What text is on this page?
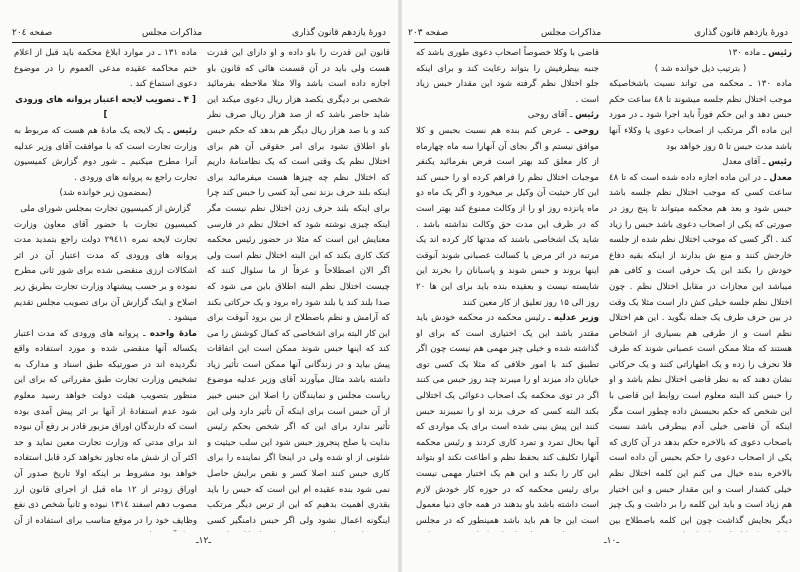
دورهٔ یازدهم قانون گذاری
مذاکرات مجلس
صفحه ۲۰٤

قانون این قدرت را باو داده و او دارای این قدرت هست ولی باید در آن قسمت هائی که قانون باو اجازه داده است باشد والا مثلا ملاحظه بفرمائید شخصی بر دیگری یکصد هزار ریال دعوی میکند این شاید حاضر باشد که از صد هزار ریال صرف نظر کند و با صد هزار ریال دیگر هم بدهد که حکم حبس باو اطلاق نشود برای امر حقوقی آن هم برای اختلال نظم یک وقتی است که یک نظامنامهٔ داریم که اختلال نظم چه چیزها هست میفرمائید برای اینکه بلند حرف بزند نمی آید کسی را حبس کند چرا برای اینکه بلند حرف زدن اختلال نظم نیست مگر اینکه چیزی نوشته شود که اختلال نظم در فارسی معنایش این است که مثلا در حضور رئیس محکمه کتک کاری بکند که این البته اختلال نظم است ولی اگر الان اصطلاحاً و عرفاً از ما سئوال کنند که چیست اختلال نظم البته اطلاق باین می شود که صدا بلند کند یا بلند شود راه برود و یک حرکاتی بکند که آرامش و نظم باصطلاح از بین برود آنوقت برای این کار البته برای اشخاصی که کمال کوشش را می کند که اینها حبس شوند ممکن است این اتفاقات پیش بیاید و در زندگانی آنها ممکن است تأثیر زیاد داشته باشد مثال میآورند آقای وزیر عدلیه موضوع ریاست مجلس و نمایندگان را اصلا این حبس خبیر از آن حبس است برای اینکه آن تأثیر دارد ولی این تأثیر ندارد برای این که اگر شخص بحکم رئیس بدایت یا صلح پنجروز حبس شود این سلب حیثیت و شئونی از او شده ولی در اینجا اگر نماینده را برای کاری حبس کنند اصلا کسر و نقص برایش حاصل نمی شود بنده عقیده ام این است که حبس را باید بقدری اهمیت بدهیم که این از ترس دیگر مرتکب اینگونه اعمال نشود ولی اگر حبس دامنگیر کسی

ماده ۱۳۱ ـ در موارد ابلاغ محکمه باید قبل از اعلام ختم محاکمه عقیده مدعی العموم را در موضوع دعوی استماع کند .

[ ۴ ـ تصویب لایحه اعتبار پروانه های ورودی ]

رئیس ـ یک لایحه یک مادهٔ هم هست که مربوط به وزارت تجارت است که با موافقت آقای وزیر عدلیه آنرا مطرح میکنیم ـ شور دوم گزارش کمیسیون تجارت راجع به پروانه های ورودی .

(بمضمون زیر خوانده شد)

گزارش از کمیسیون تجارت بمجلس شورای ملی

کمیسیون تجارت با حضور آقای معاون وزارت تجارت لایحه نمره ۲۹٤۱۱ دولت راجع بتمدید مدت پروانه های ورودی که مدت اعتبار آن در اثر اشکالات ارزی منقضی شده برای شور ثانی مطرح نموده و بر حسب پیشنهاد وزارت تجارت بطریق زیر اصلاح و اینک گزارش آن برای تصویب مجلس تقدیم میشود .

مادهٔ واحده ـ پروانه های ورودی که مدت اعتبار یکساله آنها منقضی شده و مورد استفاده واقع نگردیده اند در صورتیکه طبق اسناد و مدارک به تشخیص وزارت تجارت طبق مقرراتی که برای این منظور بتصویب هیئت دولت خواهد رسید معلوم شود عدم استفادهٔ از آنها بر اثر پیش آمدی بوده است که دارندگان اوراق مزبور قادر بر رفع آن نبوده اند برای مدتی که وزارت تجارت معین نماید و حد اکثر آن از شش ماه تجاوز نخواهد کرد قابل استفاده خواهد بود مشروط بر اینکه اولا تاریخ صدور آن اوراق زودتر از ۱۲ ماه قبل از اجرای قانون ارز مصوب دهم اسفند ۱۳۱٤ نبوده و ثانیاً شخص ذی نفع وظایف خود را در موقع مناسب برای استفاده از آن

ـ۱۲ـ
دورهٔ یازدهم قانون گذاری
مذاکرات مجلس
صفحه ۲۰۳

رئیس ـ ماده ۱۳۰

( بترتیب ذیل خوانده شد )

ماده ۱۳۰ ـ محکمه می تواند نسبت باشخاصیکه موجب اختلال نظم جلسه میشوند تا ٤۸ ساعت حکم حبس دهد و این حکم فوراً باید اجرا شود ـ در مورد این ماده اگر مرتکب از اصحاب دعوی یا وکلاء آنها باشد مدت حبس تا ۵ روز خواهد بود

رئیس ـ آقای معدل

معدل ـ در این ماده اجازه داده شده است که تا ٤۸ ساعت کسی که موجب اختلال نظم جلسه باشد حبس شود و بعد هم محکمه میتواند تا پنج روز در صورتی که یکی از اصحاب دعوی باشد حبس را زیاد کند . اگر کسی که موجب اختلال نظم شده از جلسه خارجش کنند و منع ش بدارند از اینکه بقیه دفاع خودش را بکند این یک حرفی است و کافی هم میباشد این مجازات در مقابل اختلال نظم . چون اختلال نظم جلسه خیلی کش دار است مثلا یک وقت در بین حرف طرف یک جمله بگوید . این هم اختلال نظم است و از طرفی هم بسیاری از اشخاص هستند که مثلا ممکن است عصبانی شوند که طرف فلا نحرف را زده و یک اظهاراتی کنند و یک حرکاتی نشان دهند که به نظر قاضی اختلال نظم باشد و او را حبس کند البته معلوم است روابط این قاضی با این شخص که حکم بحبسش داده چطور است مگر اینکه آن قاضی خیلی آدم بیطرفی باشد نسبت باصحاب دعوی که بالاخره حکم بدهد در آن کاری که یکی از اصحاب دعوی را حکم بحبس آن داده است بالاخره بنده خیال می کنم این کلمه اختلال نظم خیلی کشدار است و این مقدار حبس و این اختیار هم زیاد است و باید این کلمه را بر داشت و یک چیز دیگر بجایش گذاشت چون این کلمه باصطلاح بین

قاضی با وکلا خصوصاً اصحاب دعوی طوری باشد که جنبه بیطرفیش را بتواند رعایت کند و برای اینکه جلو اختلال نظم گرفته شود این مقدار حبس زیاد است .

رئیس ـ آقای روحی

روحی ـ عرض کنم بنده هم نسبت بحبس و کلا موافق نیستم و اگر بجای آن آنهارا سه ماه چهارماه از کار معلق کند بهتر است فرض بفرمائید یکنفر موجبات اختلال نظم را فراهم کرده او را حبس کند این کار حیثیت آن وکیل بر میخورد و اگر یک ماه دو ماه پانزده روز او را از وکالت ممنوع کند بهتر است که در ظرف این مدت حق وکالت نداشته باشد . شاید یک اشخاصی باشند که مدتها کار کرده اند یک مرتبه در اثر مرض یا کسالت عصبانی شوند آنوقت اینها بروند و حبس شوند و پاسبانان را بخرند این شایسته نیست و بعقیده بنده باید برای این ها ۲۰ روز الی ۱۵ روز تعلیق از کار معین کنند

وزیر عدلیه ـ رئیس محکمه در محکمه خودش باید مقتدر باشد این یک اختیاری است که برای او گذاشته شده و خیلی چیز مهمی هم نیست چون اگر تطبیق کند با امور خلافی که مثلا یک کسی توی خیابان داد میزند او را میبرند چند روز حبس می کنند اگر در توی محکمه یک اصحاب دعوائی یک اختلالی بکند البته کسی که حرف بزند او را نمیبرند حبس کنند این پیش بینی شده است برای یک مواردی که آنها بحال تمرد و تمرد کاری کردند و رئیس محکمه آنهارا تکلیف کند بحفظ نظم و اطاعت نکند او بتواند این کار را بکند و این هم یک اختیار مهمی نیست برای رئیس محکمه که در حوزه کار خودش لازم است داشته باشد باو بدهند در همه جای دنیا معمول است این جا هم باید باشد همینطور که در مجلس

ـ۱۰ـ
